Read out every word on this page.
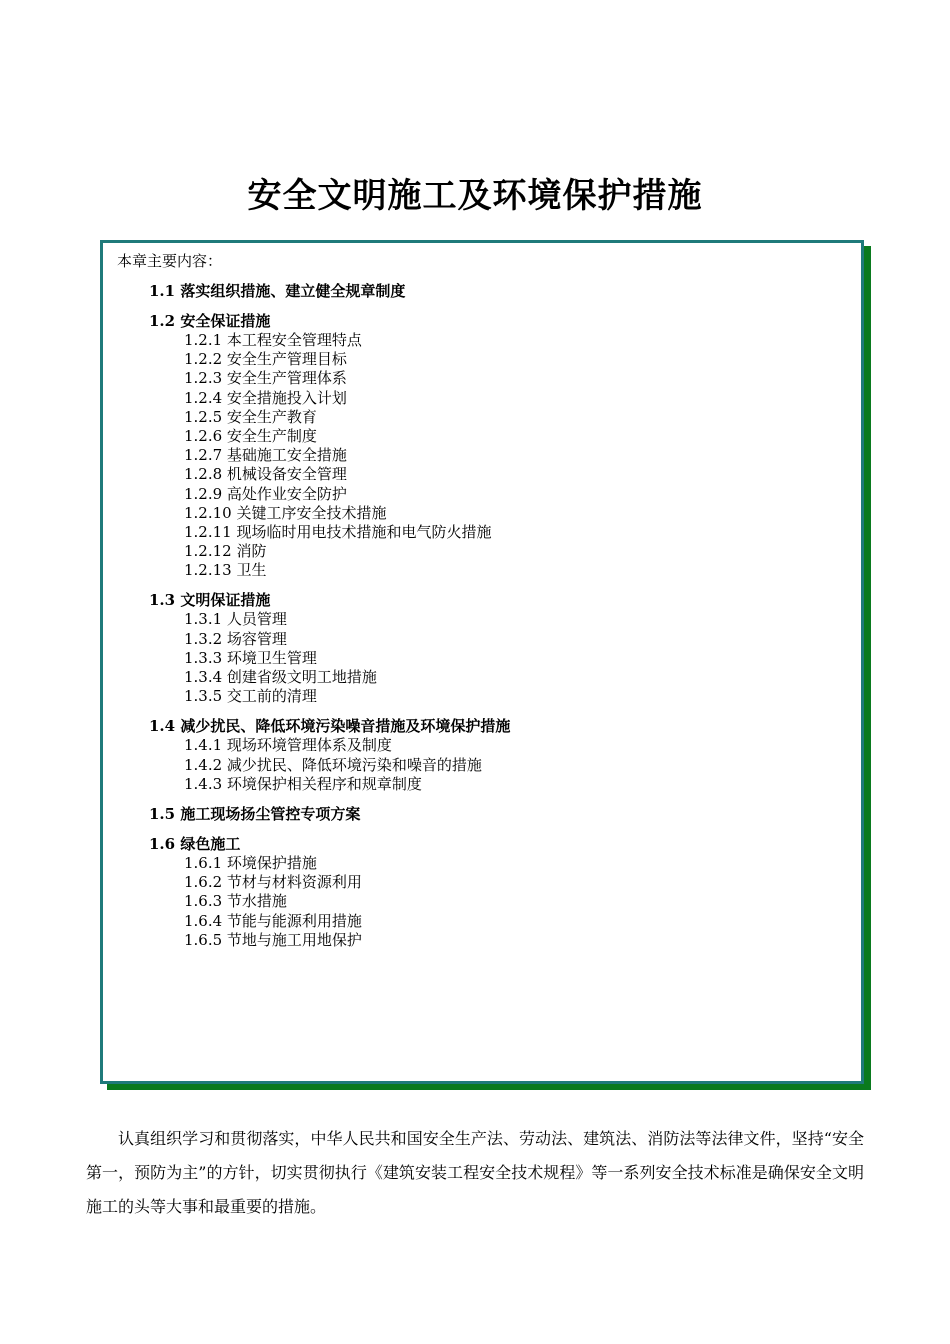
安全文明施工及环境保护措施
本章主要内容：
1.1 落实组织措施、建立健全规章制度
1.2 安全保证措施
1.2.1 本工程安全管理特点
1.2.2 安全生产管理目标
1.2.3 安全生产管理体系
1.2.4 安全措施投入计划
1.2.5 安全生产教育
1.2.6 安全生产制度
1.2.7 基础施工安全措施
1.2.8 机械设备安全管理
1.2.9 高处作业安全防护
1.2.10 关键工序安全技术措施
1.2.11 现场临时用电技术措施和电气防火措施
1.2.12 消防
1.2.13 卫生
1.3 文明保证措施
1.3.1 人员管理
1.3.2 场容管理
1.3.3 环境卫生管理
1.3.4 创建省级文明工地措施
1.3.5 交工前的清理
1.4 减少扰民、降低环境污染噪音措施及环境保护措施
1.4.1 现场环境管理体系及制度
1.4.2 减少扰民、降低环境污染和噪音的措施
1.4.3 环境保护相关程序和规章制度
1.5 施工现场扬尘管控专项方案
1.6 绿色施工
1.6.1 环境保护措施
1.6.2 节材与材料资源利用
1.6.3 节水措施
1.6.4 节能与能源利用措施
1.6.5 节地与施工用地保护

认真组织学习和贯彻落实，中华人民共和国安全生产法、劳动法、建筑法、消防法等法律文件，坚持“安全第一，预防为主”的方针，切实贯彻执行《建筑安装工程安全技术规程》等一系列安全技术标准是确保安全文明施工的头等大事和最重要的措施。
